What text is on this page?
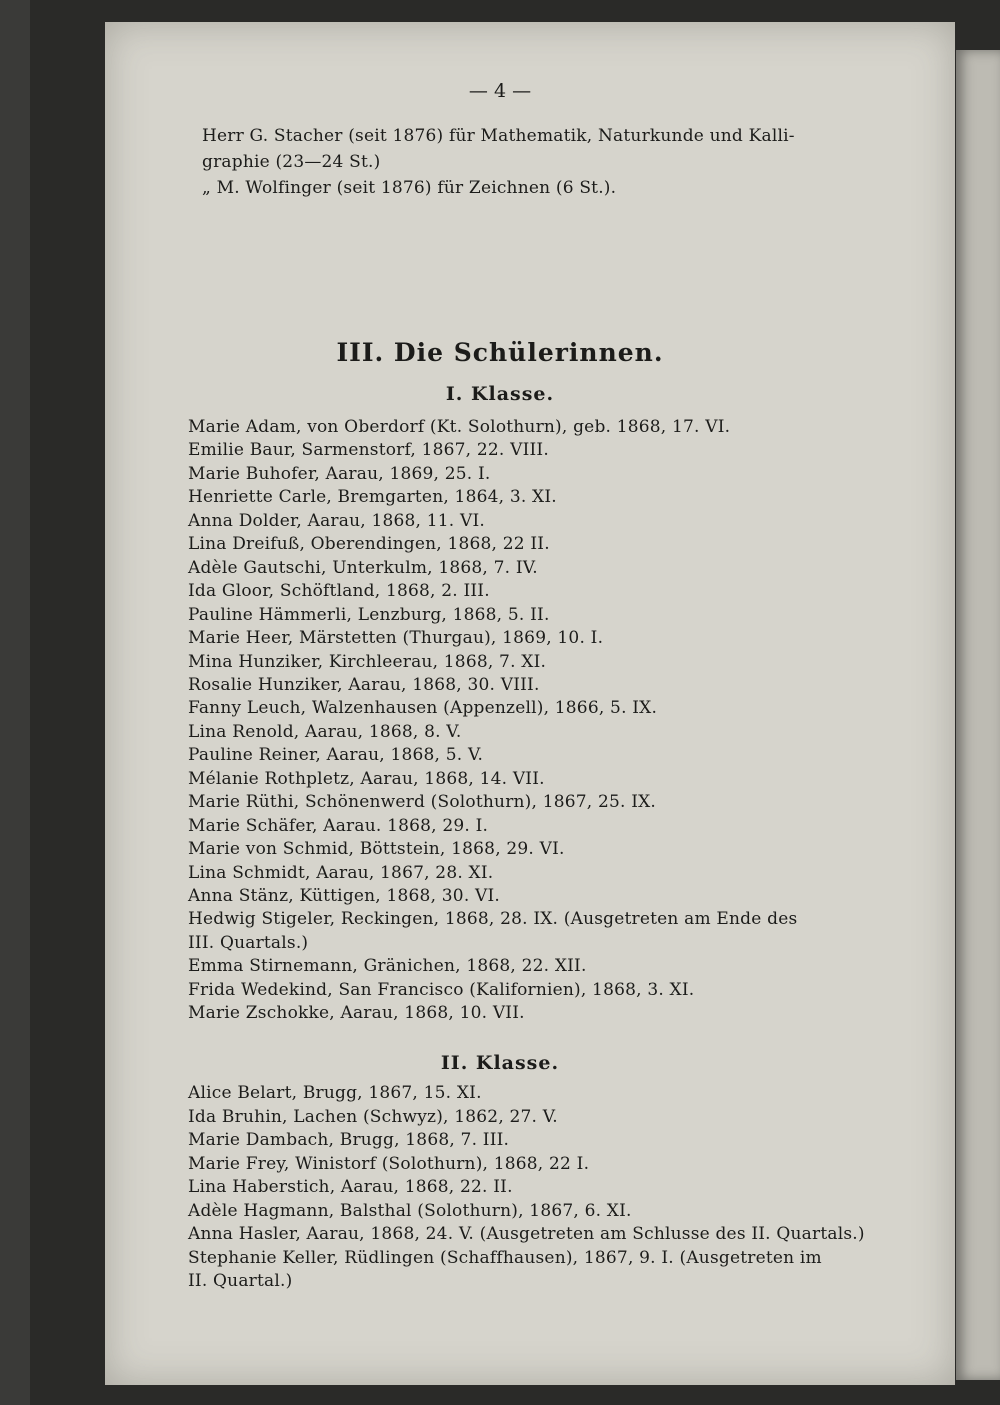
— 4 —
Herr G. Stacher (seit 1876) für Mathematik, Naturkunde und Kalli-
graphie (23—24 St.)
„ M. Wolfinger (seit 1876) für Zeichnen (6 St.).
III. Die Schülerinnen.
I. Klasse.
Marie Adam, von Oberdorf (Kt. Solothurn), geb. 1868, 17. VI.
Emilie Baur, Sarmenstorf, 1867, 22. VIII.
Marie Buhofer, Aarau, 1869, 25. I.
Henriette Carle, Bremgarten, 1864, 3. XI.
Anna Dolder, Aarau, 1868, 11. VI.
Lina Dreifuß, Oberendingen, 1868, 22 II.
Adèle Gautschi, Unterkulm, 1868, 7. IV.
Ida Gloor, Schöftland, 1868, 2. III.
Pauline Hämmerli, Lenzburg, 1868, 5. II.
Marie Heer, Märstetten (Thurgau), 1869, 10. I.
Mina Hunziker, Kirchleerau, 1868, 7. XI.
Rosalie Hunziker, Aarau, 1868, 30. VIII.
Fanny Leuch, Walzenhausen (Appenzell), 1866, 5. IX.
Lina Renold, Aarau, 1868, 8. V.
Pauline Reiner, Aarau, 1868, 5. V.
Mélanie Rothpletz, Aarau, 1868, 14. VII.
Marie Rüthi, Schönenwerd (Solothurn), 1867, 25. IX.
Marie Schäfer, Aarau. 1868, 29. I.
Marie von Schmid, Böttstein, 1868, 29. VI.
Lina Schmidt, Aarau, 1867, 28. XI.
Anna Stänz, Küttigen, 1868, 30. VI.
Hedwig Stigeler, Reckingen, 1868, 28. IX. (Ausgetreten am Ende des
III. Quartals.)
Emma Stirnemann, Gränichen, 1868, 22. XII.
Frida Wedekind, San Francisco (Kalifornien), 1868, 3. XI.
Marie Zschokke, Aarau, 1868, 10. VII.
II. Klasse.
Alice Belart, Brugg, 1867, 15. XI.
Ida Bruhin, Lachen (Schwyz), 1862, 27. V.
Marie Dambach, Brugg, 1868, 7. III.
Marie Frey, Winistorf (Solothurn), 1868, 22 I.
Lina Haberstich, Aarau, 1868, 22. II.
Adèle Hagmann, Balsthal (Solothurn), 1867, 6. XI.
Anna Hasler, Aarau, 1868, 24. V. (Ausgetreten am Schlusse des II. Quartals.)
Stephanie Keller, Rüdlingen (Schaffhausen), 1867, 9. I. (Ausgetreten im
II. Quartal.)
